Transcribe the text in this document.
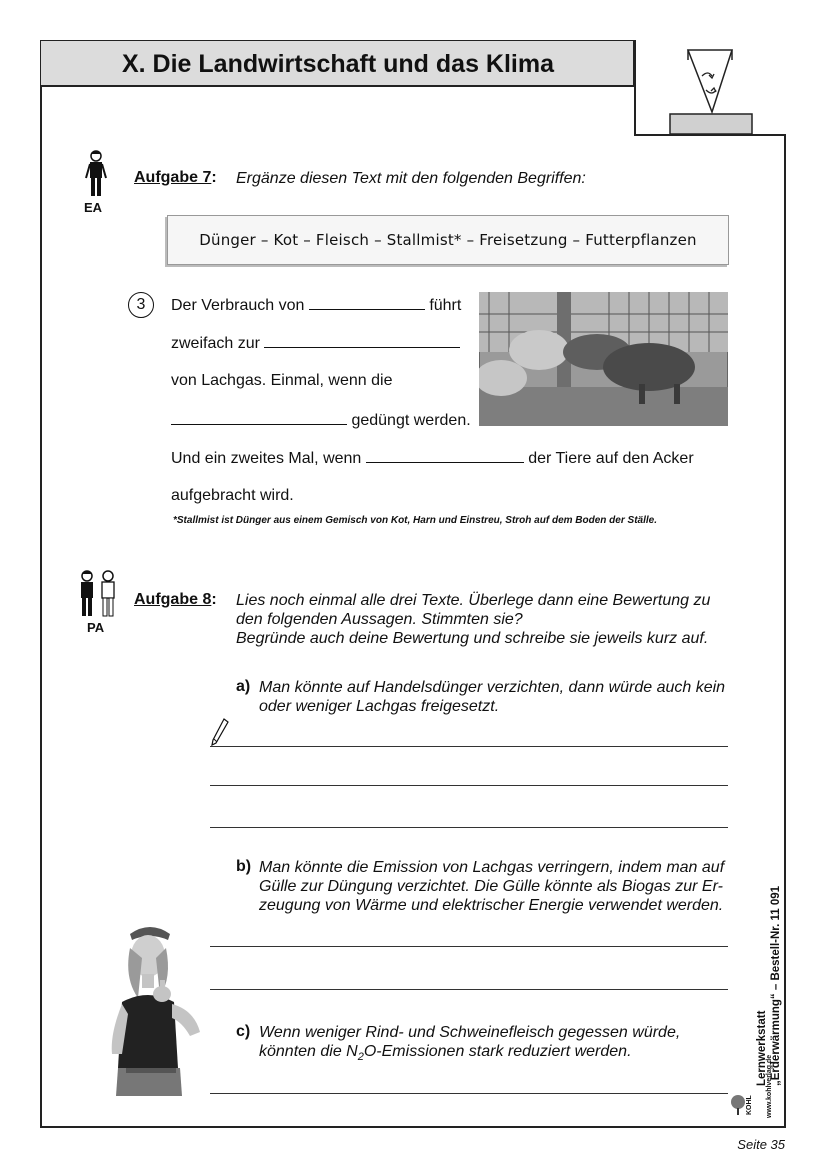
X. Die Landwirtschaft und das Klima
EA
Aufgabe 7: Ergänze diesen Text mit den folgenden Begriffen:
Dünger – Kot – Fleisch – Stallmist* – Freisetzung – Futterpflanzen
3	Der Verbrauch von	führt
zweifach zur
von Lachgas. Einmal, wenn die
gedüngt werden.
Und ein zweites Mal, wenn	der Tiere auf den Acker
aufgebracht wird.
*Stallmist ist Dünger aus einem Gemisch von Kot, Harn und Einstreu, Stroh auf dem Boden der Ställe.
PA
Aufgabe 8: Lies noch einmal alle drei Texte. Überlege dann eine Bewertung zu
den folgenden Aussagen. Stimmten sie?
Begründe auch deine Bewertung und schreibe sie jeweils kurz auf.
a) Man könnte auf Handelsdünger verzichten, dann würde auch kein
oder weniger Lachgas freigesetzt.
b) Man könnte die Emission von Lachgas verringern, indem man auf
Gülle zur Düngung verzichtet. Die Gülle könnte als Biogas zur Er-
zeugung von Wärme und elektrischer Energie verwendet werden.
c) Wenn weniger Rind- und Schweinefleisch gegessen würde,
könnten die $N_2O$-Emissionen stark reduziert werden.	Lernwerkstatt „Erderwärmung“ – Bestell-Nr. 11 091
KOHL www.kohlverlag.de
Seite 35
